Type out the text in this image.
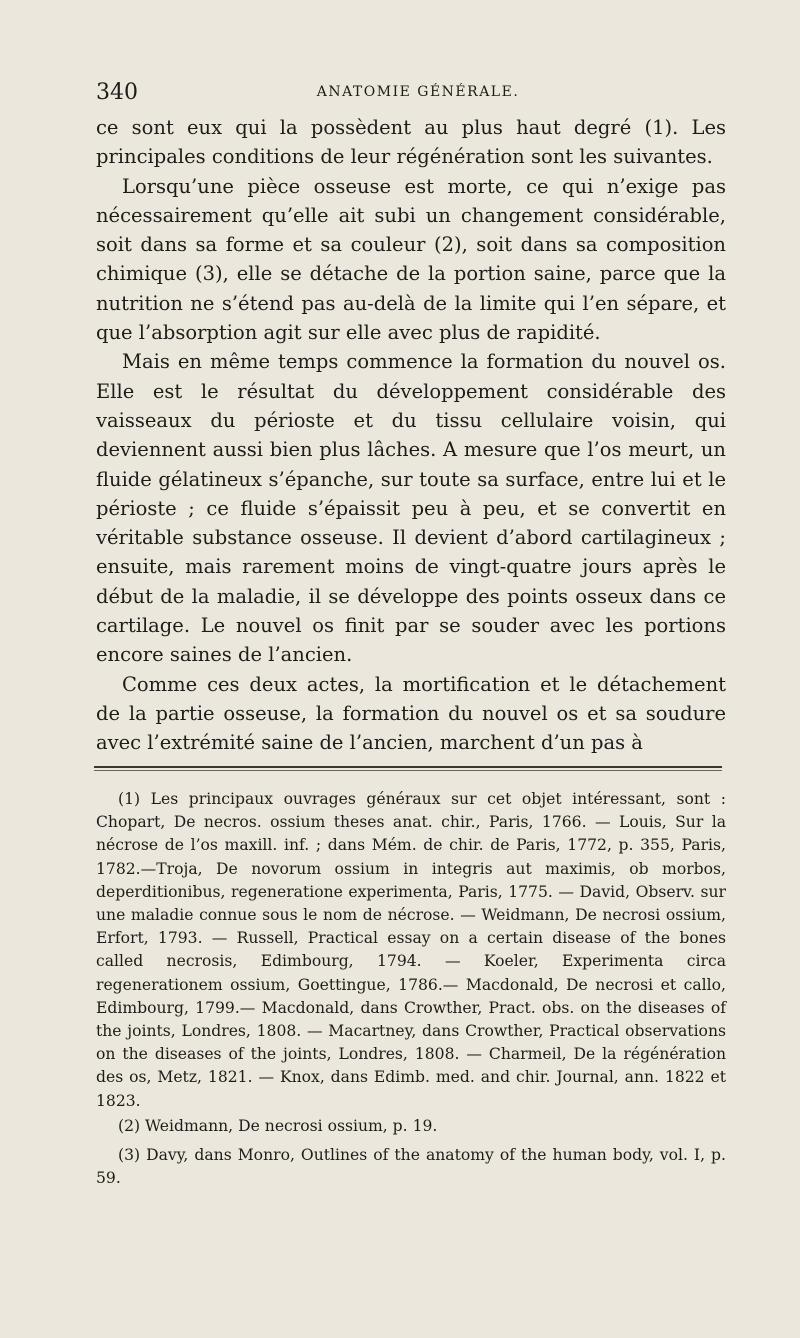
340	ANATOMIE GÉNÉRALE.

ce sont eux qui la possèdent au plus haut degré (1). Les principales conditions de leur régénération sont les suivantes.

Lorsqu’une pièce osseuse est morte, ce qui n’exige pas nécessairement qu’elle ait subi un changement considérable, soit dans sa forme et sa couleur (2), soit dans sa composition chimique (3), elle se détache de la portion saine, parce que la nutrition ne s’étend pas au-delà de la limite qui l’en sépare, et que l’absorption agit sur elle avec plus de rapidité.

Mais en même temps commence la formation du nouvel os. Elle est le résultat du développement considérable des vaisseaux du périoste et du tissu cellulaire voisin, qui deviennent aussi bien plus lâches. A mesure que l’os meurt, un fluide gélatineux s’épanche, sur toute sa surface, entre lui et le périoste ; ce fluide s’épaissit peu à peu, et se convertit en véritable substance osseuse. Il devient d’abord cartilagineux ; ensuite, mais rarement moins de vingt-quatre jours après le début de la maladie, il se développe des points osseux dans ce cartilage. Le nouvel os finit par se souder avec les portions encore saines de l’ancien.

Comme ces deux actes, la mortification et le détachement de la partie osseuse, la formation du nouvel os et sa soudure avec l’extrémité saine de l’ancien, marchent d’un pas à

(1) Les principaux ouvrages généraux sur cet objet intéressant, sont : Chopart, De necros. ossium theses anat. chir., Paris, 1766. — Louis, Sur la nécrose de l’os maxill. inf. ; dans Mém. de chir. de Paris, 1772, p. 355, Paris, 1782.—Troja, De novorum ossium in integris aut maximis, ob morbos, deperditionibus, regeneratione experimenta, Paris, 1775. — David, Observ. sur une maladie connue sous le nom de nécrose. — Weidmann, De necrosi ossium, Erfort, 1793. — Russell, Practical essay on a certain disease of the bones called necrosis, Edimbourg, 1794. — Koeler, Experimenta circa regenerationem ossium, Goettingue, 1786.— Macdonald, De necrosi et callo, Edimbourg, 1799.— Macdonald, dans Crowther, Pract. obs. on the diseases of the joints, Londres, 1808. — Macartney, dans Crowther, Practical observations on the diseases of the joints, Londres, 1808. — Charmeil, De la régénération des os, Metz, 1821. — Knox, dans Edimb. med. and chir. Journal, ann. 1822 et 1823.

(2) Weidmann, De necrosi ossium, p. 19.

(3) Davy, dans Monro, Outlines of the anatomy of the human body, vol. I, p. 59.
